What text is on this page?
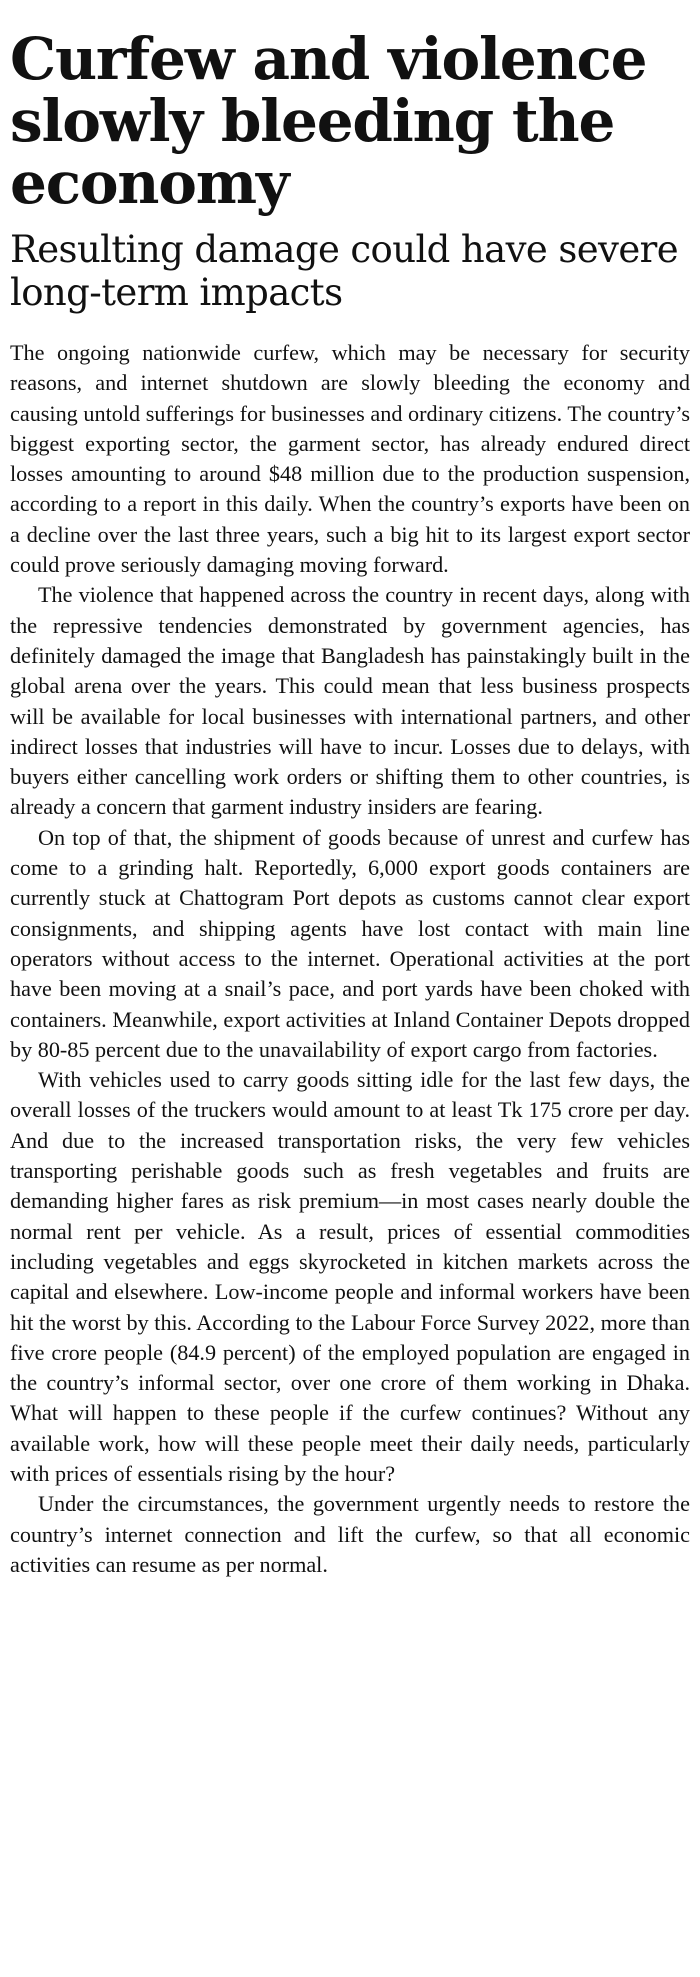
Curfew and violence slowly bleeding the economy
Resulting damage could have severe long-term impacts

The ongoing nationwide curfew, which may be necessary for security reasons, and internet shutdown are slowly bleeding the economy and causing untold sufferings for businesses and ordinary citizens. The country’s biggest exporting sector, the garment sector, has already endured direct losses amounting to around $48 million due to the production suspension, according to a report in this daily. When the country’s exports have been on a decline over the last three years, such a big hit to its largest export sector could prove seriously damaging moving forward.

The violence that happened across the country in recent days, along with the repressive tendencies demonstrated by government agencies, has definitely damaged the image that Bangladesh has painstakingly built in the global arena over the years. This could mean that less business prospects will be available for local businesses with international partners, and other indirect losses that industries will have to incur. Losses due to delays, with buyers either cancelling work orders or shifting them to other countries, is already a concern that garment industry insiders are fearing.

On top of that, the shipment of goods because of unrest and curfew has come to a grinding halt. Reportedly, 6,000 export goods containers are currently stuck at Chattogram Port depots as customs cannot clear export consignments, and shipping agents have lost contact with main line operators without access to the internet. Operational activities at the port have been moving at a snail’s pace, and port yards have been choked with containers. Meanwhile, export activities at Inland Container Depots dropped by 80-85 percent due to the unavailability of export cargo from factories.

With vehicles used to carry goods sitting idle for the last few days, the overall losses of the truckers would amount to at least Tk 175 crore per day. And due to the increased transportation risks, the very few vehicles transporting perishable goods such as fresh vegetables and fruits are demanding higher fares as risk premium—in most cases nearly double the normal rent per vehicle. As a result, prices of essential commodities including vegetables and eggs skyrocketed in kitchen markets across the capital and elsewhere. Low-income people and informal workers have been hit the worst by this. According to the Labour Force Survey 2022, more than five crore people (84.9 percent) of the employed population are engaged in the country’s informal sector, over one crore of them working in Dhaka. What will happen to these people if the curfew continues? Without any available work, how will these people meet their daily needs, particularly with prices of essentials rising by the hour?

Under the circumstances, the government urgently needs to restore the country’s internet connection and lift the curfew, so that all economic activities can resume as per normal.
